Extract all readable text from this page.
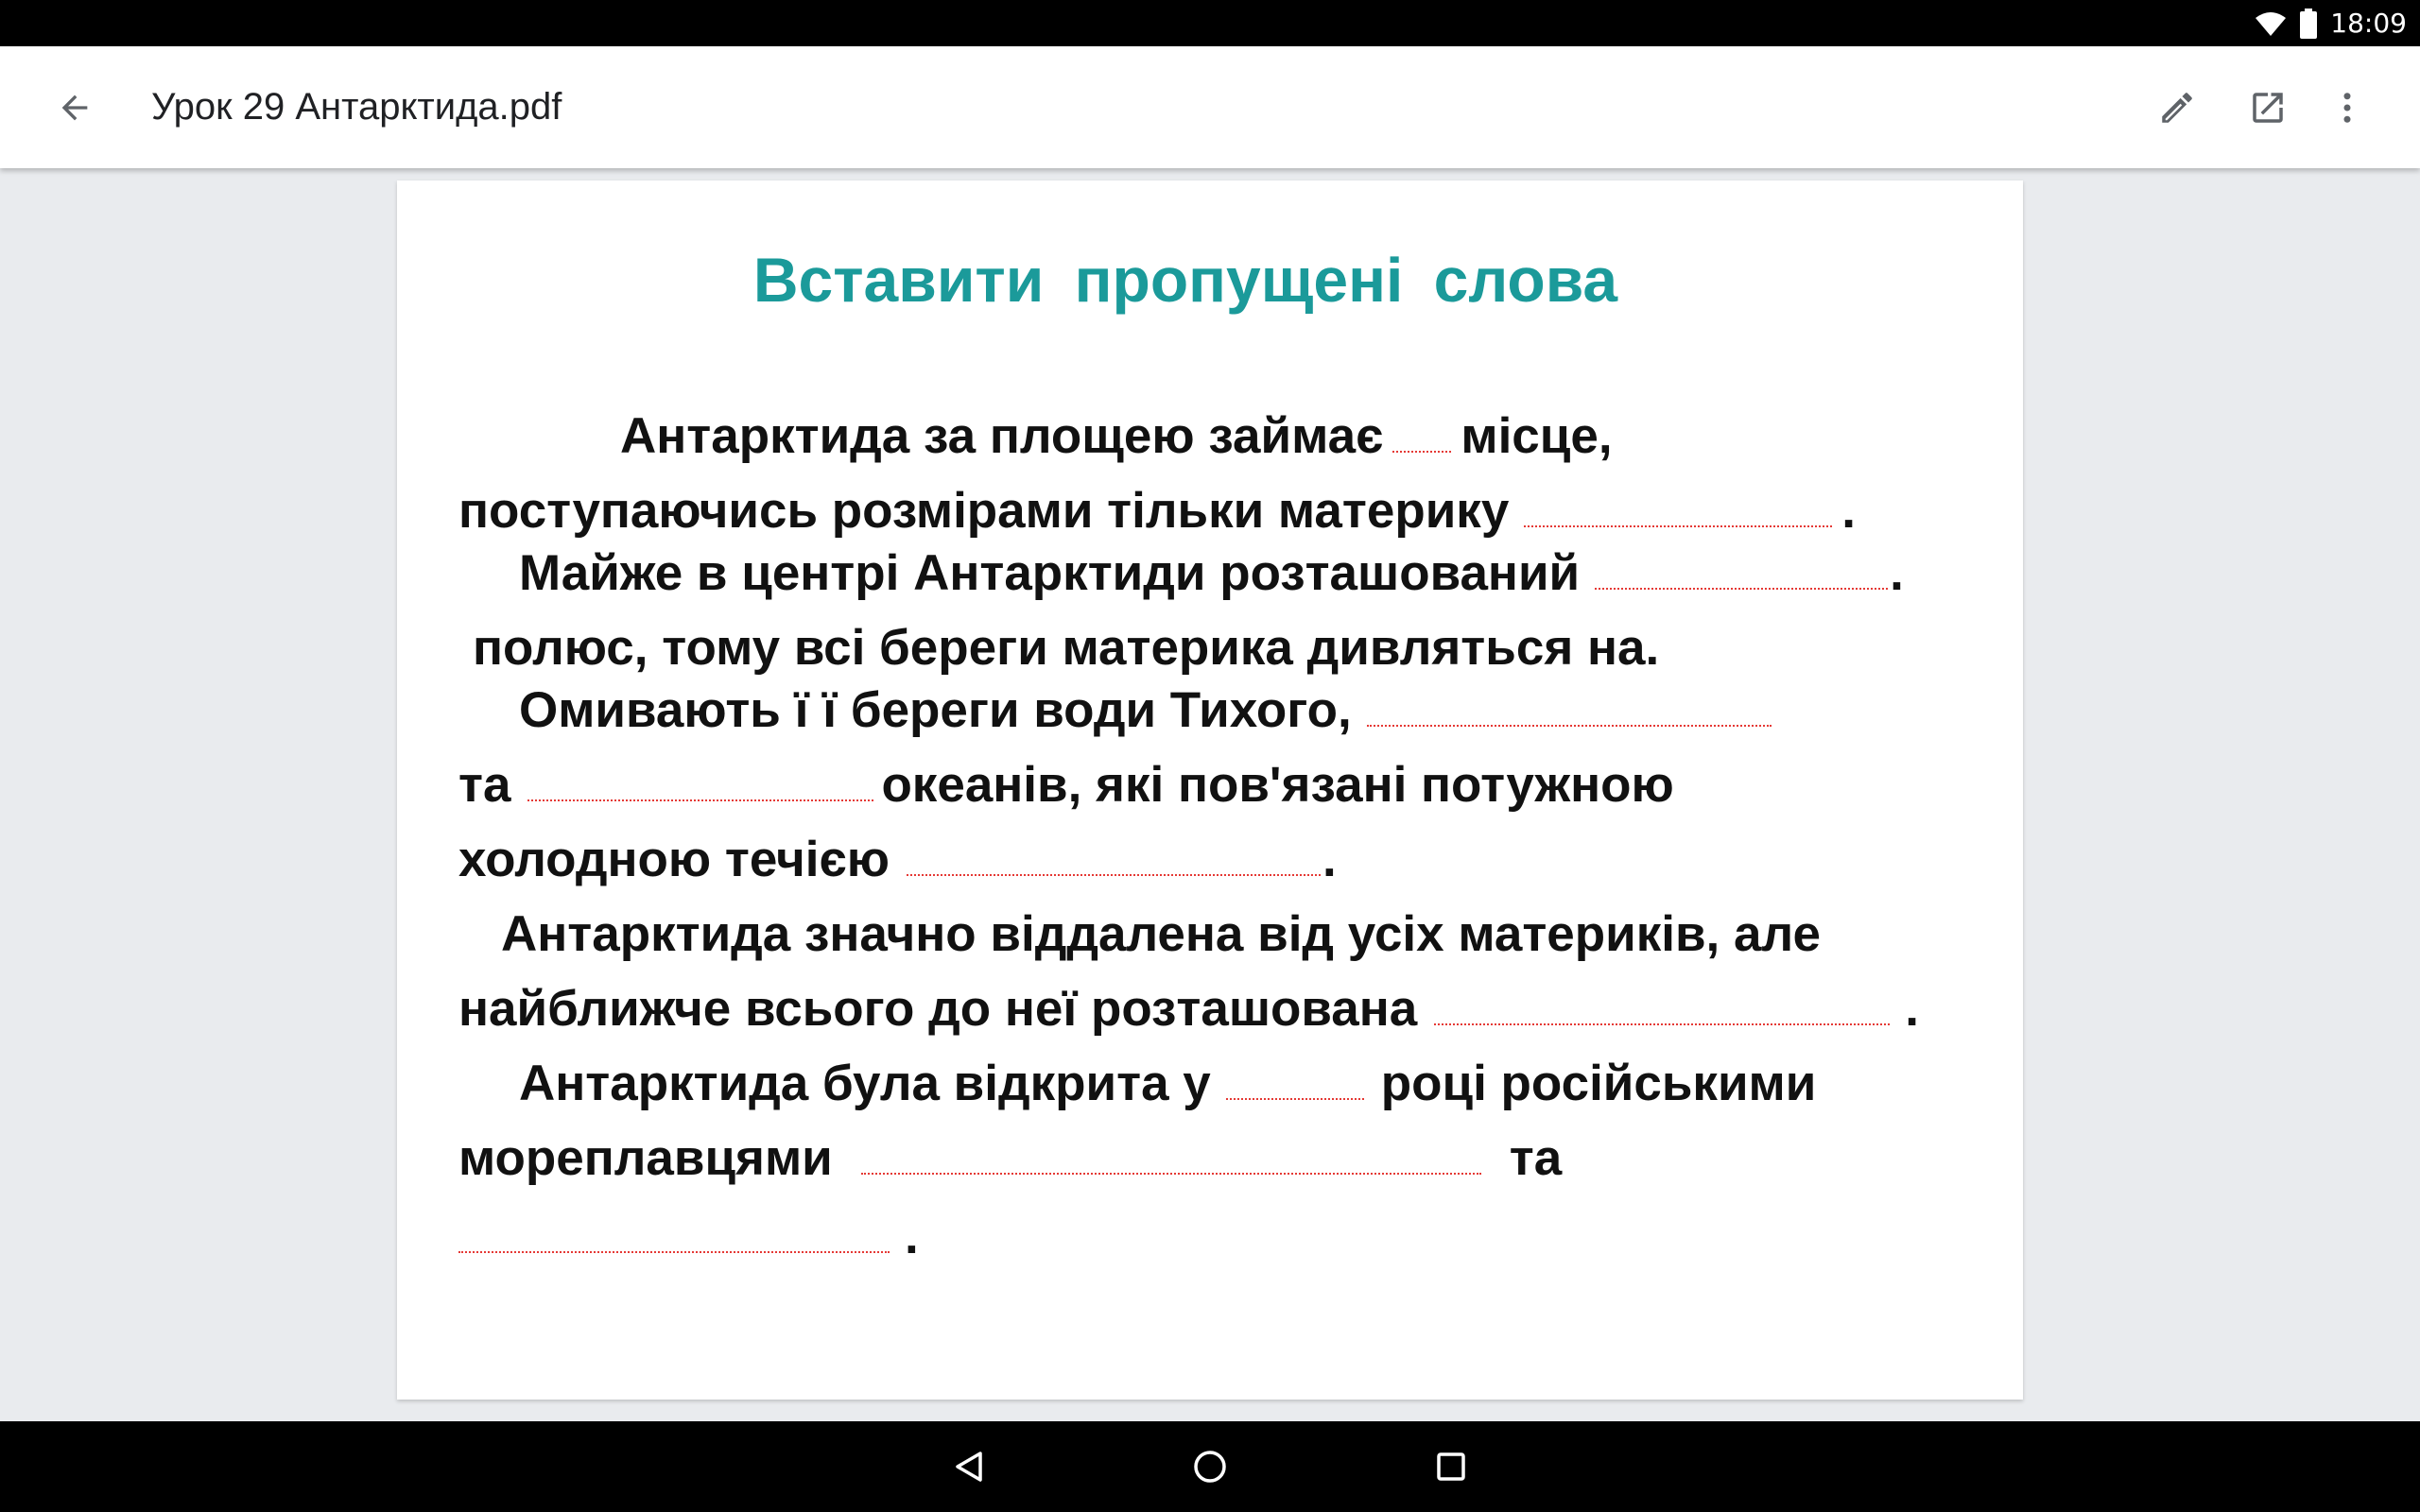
18:09
Урок 29 Антарктида.pdf
Вставити пропущені слова
Антарктида за площею займає місце,
поступаючись розмірами тільки материку	.
Майже в центрі Антарктиди розташований	.
полюс, тому всі береги материка дивляться на.
Омивають ї ї береги води Тихого,
та	океанів, які пов'язані потужною
холодною течією	.
Антарктида значно віддалена від усіх материків, але
найближче всього до неї розташована	.
Антарктида була відкрита у	році російськими
мореплавцями	та
.
